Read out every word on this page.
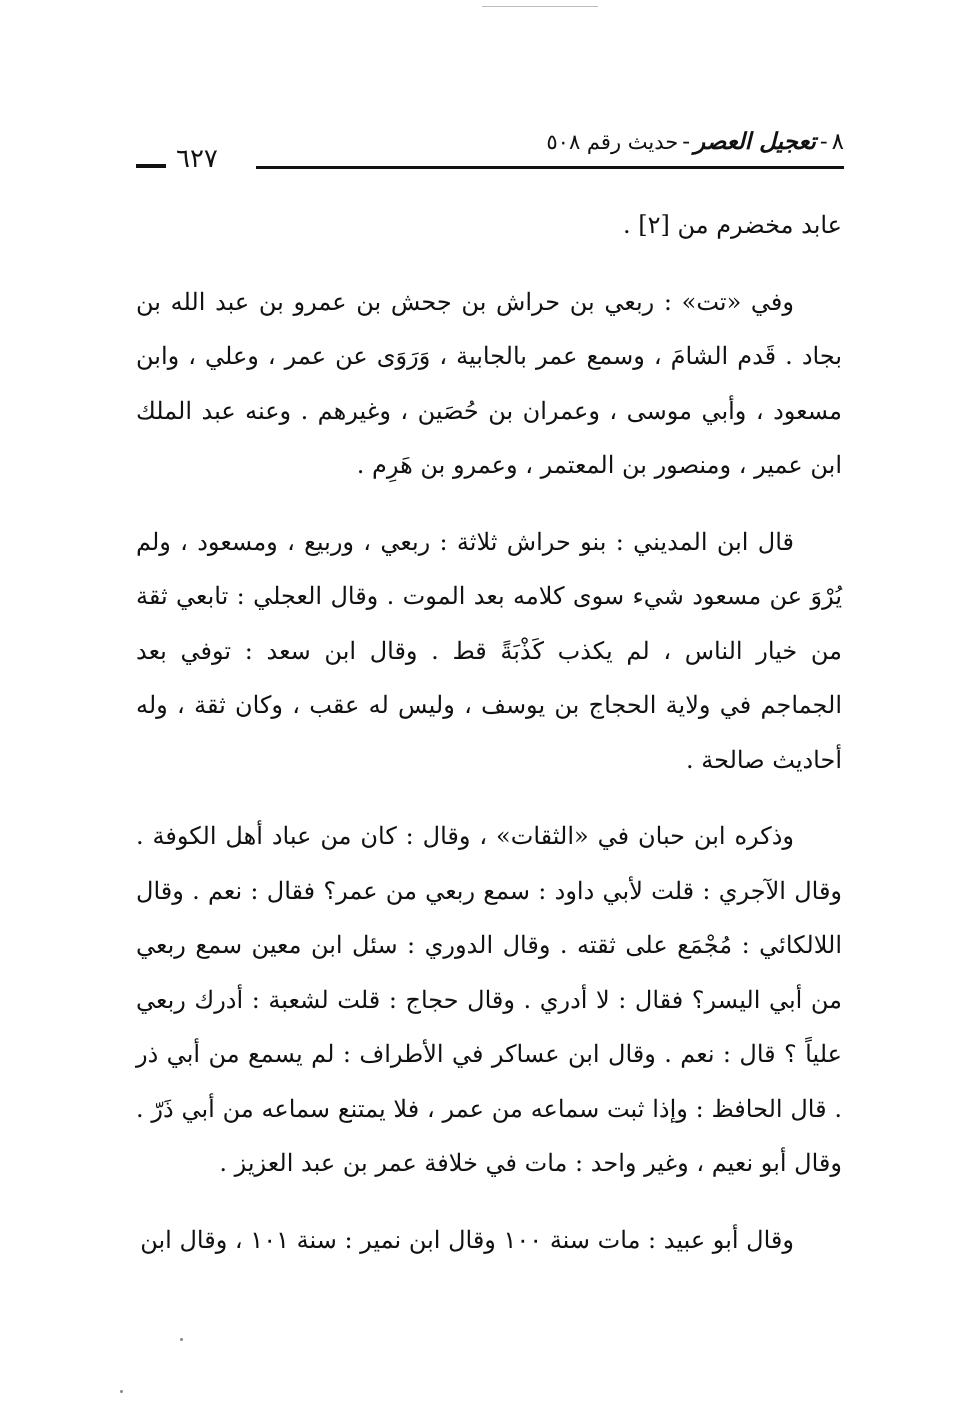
٨-تعجيل العصر-حديث رقم ٥٠٨
٦٢٧

عابد مخضرم من [٢] .

وفي «تت» : ربعي بن حراش بن جحش بن عمرو بن عبد الله بن بجاد . قَدم الشامَ ، وسمع عمر بالجابية ، وَرَوَى عن عمر ، وعلي ، وابن مسعود ، وأبي موسى ، وعمران بن حُصَين ، وغيرهم . وعنه عبد الملك ابن عمير ، ومنصور بن المعتمر ، وعمرو بن هَرِم .

قال ابن المديني : بنو حراش ثلاثة : ربعي ، وربيع ، ومسعود ، ولم يُرْوَ عن مسعود شيء سوى كلامه بعد الموت . وقال العجلي : تابعي ثقة من خيار الناس ، لم يكذب كَذْبَةً قط . وقال ابن سعد : توفي بعد الجماجم في ولاية الحجاج بن يوسف ، وليس له عقب ، وكان ثقة ، وله أحاديث صالحة .

وذكره ابن حبان في «الثقات» ، وقال : كان من عباد أهل الكوفة . وقال الآجري : قلت لأبي داود : سمع ربعي من عمر؟ فقال : نعم . وقال اللالكائي : مُجْمَع على ثقته . وقال الدوري : سئل ابن معين سمع ربعي من أبي اليسر؟ فقال : لا أدري . وقال حجاج : قلت لشعبة : أدرك ربعي علياً ؟ قال : نعم . وقال ابن عساكر في الأطراف : لم يسمع من أبي ذر . قال الحافظ : وإذا ثبت سماعه من عمر ، فلا يمتنع سماعه من أبي ذَرّ . وقال أبو نعيم ، وغير واحد : مات في خلافة عمر بن عبد العزيز .

وقال أبو عبيد : مات سنة ١٠٠ وقال ابن نمير : سنة ١٠١ ، وقال ابن
